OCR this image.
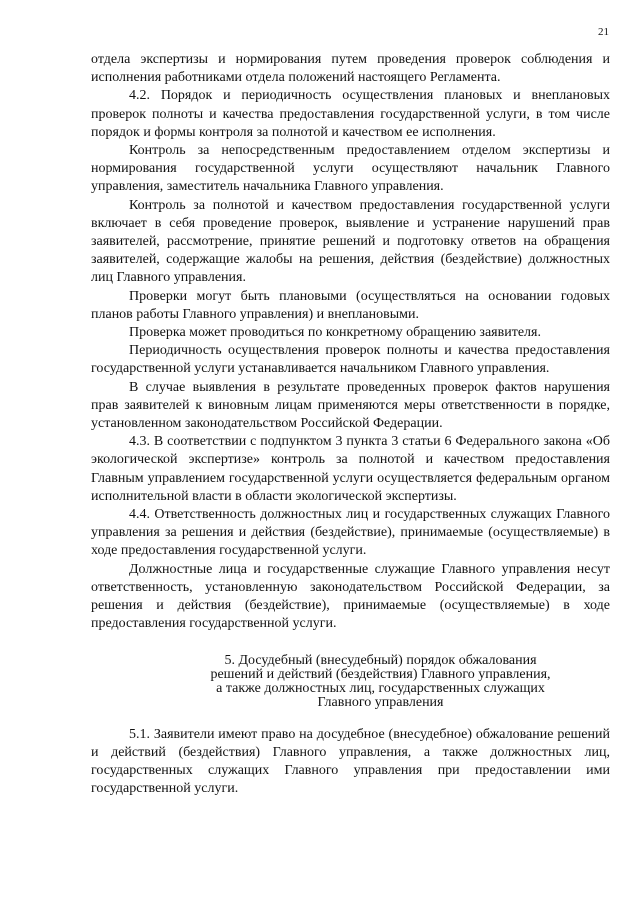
21

отдела экспертизы и нормирования путем проведения проверок соблюдения и исполнения работниками отдела положений настоящего Регламента.

4.2. Порядок и периодичность осуществления плановых и внеплановых проверок полноты и качества предоставления государственной услуги, в том числе порядок и формы контроля за полнотой и качеством ее исполнения.

Контроль за непосредственным предоставлением отделом экспертизы и нормирования государственной услуги осуществляют начальник Главного управления, заместитель начальника Главного управления.

Контроль за полнотой и качеством предоставления государственной услуги включает в себя проведение проверок, выявление и устранение нарушений прав заявителей, рассмотрение, принятие решений и подготовку ответов на обращения заявителей, содержащие жалобы на решения, действия (бездействие) должностных лиц Главного управления.

Проверки могут быть плановыми (осуществляться на основании годовых планов работы Главного управления) и внеплановыми.

Проверка может проводиться по конкретному обращению заявителя.

Периодичность осуществления проверок полноты и качества предоставления государственной услуги устанавливается начальником Главного управления.

В случае выявления в результате проведенных проверок фактов нарушения прав заявителей к виновным лицам применяются меры ответственности в порядке, установленном законодательством Российской Федерации.

4.3. В соответствии с подпунктом 3 пункта 3 статьи 6 Федерального закона «Об экологической экспертизе» контроль за полнотой и качеством предоставления Главным управлением государственной услуги осуществляется федеральным органом исполнительной власти в области экологической экспертизы.

4.4. Ответственность должностных лиц и государственных служащих Главного управления за решения и действия (бездействие), принимаемые (осуществляемые) в ходе предоставления государственной услуги.

Должностные лица и государственные служащие Главного управления несут ответственность, установленную законодательством Российской Федерации, за решения и действия (бездействие), принимаемые (осуществляемые) в ходе предоставления государственной услуги.

5. Досудебный (внесудебный) порядок обжалования
решений и действий (бездействия) Главного управления,
а также должностных лиц, государственных служащих
Главного управления

5.1. Заявители имеют право на досудебное (внесудебное) обжалование решений и действий (бездействия) Главного управления, а также должностных лиц, государственных служащих Главного управления при предоставлении ими государственной услуги.
